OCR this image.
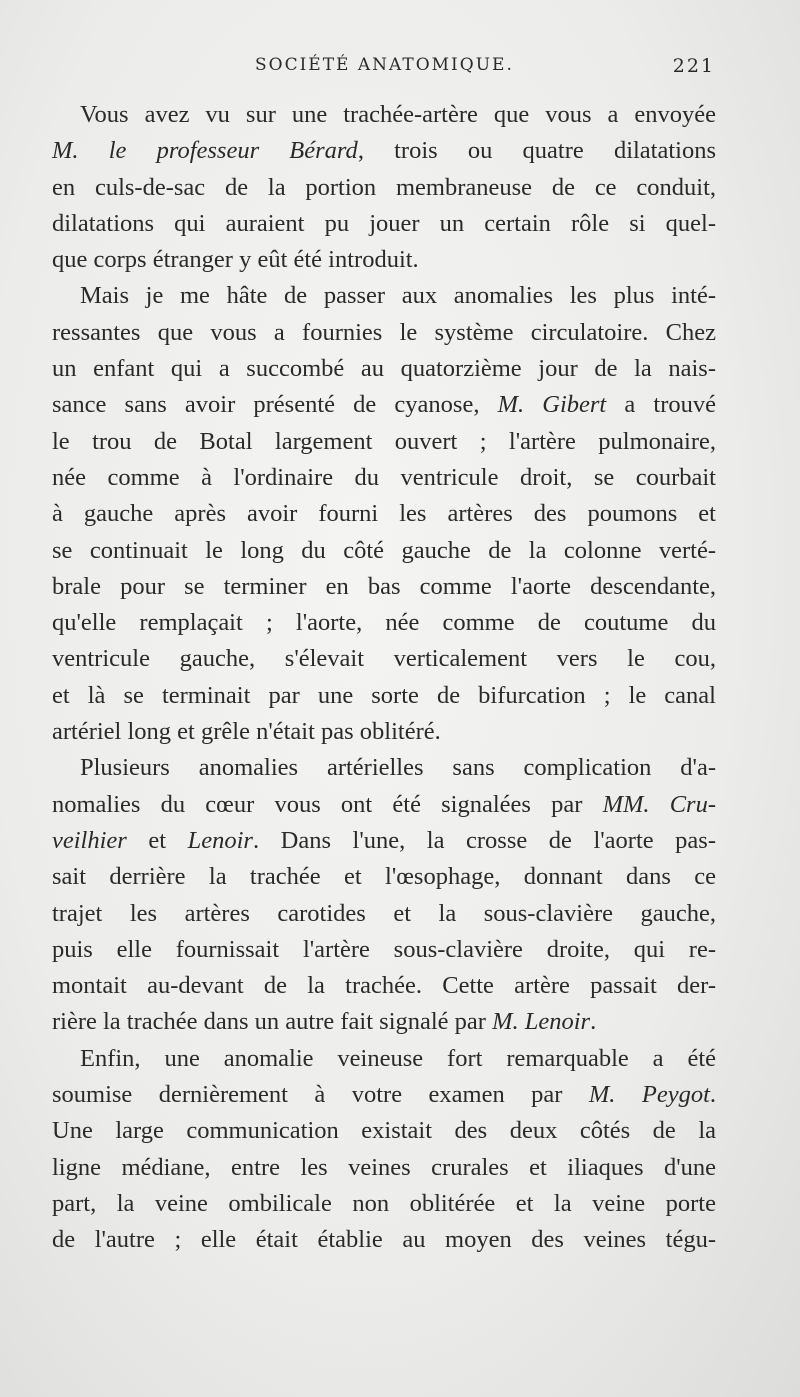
SOCIÉTÉ ANATOMIQUE.	221
Vous avez vu sur une trachée-artère que vous a envoyée
M. le professeur Bérard, trois ou quatre dilatations
en culs-de-sac de la portion membraneuse de ce conduit,
dilatations qui auraient pu jouer un certain rôle si quel-
que corps étranger y eût été introduit.
Mais je me hâte de passer aux anomalies les plus inté-
ressantes que vous a fournies le système circulatoire. Chez
un enfant qui a succombé au quatorzième jour de la nais-
sance sans avoir présenté de cyanose, M. Gibert a trouvé
le trou de Botal largement ouvert ; l'artère pulmonaire,
née comme à l'ordinaire du ventricule droit, se courbait
à gauche après avoir fourni les artères des poumons et
se continuait le long du côté gauche de la colonne verté-
brale pour se terminer en bas comme l'aorte descendante,
qu'elle remplaçait ; l'aorte, née comme de coutume du
ventricule gauche, s'élevait verticalement vers le cou,
et là se terminait par une sorte de bifurcation ; le canal
artériel long et grêle n'était pas oblitéré.
Plusieurs anomalies artérielles sans complication d'a-
nomalies du cœur vous ont été signalées par MM. Cru-
veilhier et Lenoir. Dans l'une, la crosse de l'aorte pas-
sait derrière la trachée et l'œsophage, donnant dans ce
trajet les artères carotides et la sous-clavière gauche,
puis elle fournissait l'artère sous-clavière droite, qui re-
montait au-devant de la trachée. Cette artère passait der-
rière la trachée dans un autre fait signalé par M. Lenoir.
Enfin, une anomalie veineuse fort remarquable a été
soumise dernièrement à votre examen par M. Peygot.
Une large communication existait des deux côtés de la
ligne médiane, entre les veines crurales et iliaques d'une
part, la veine ombilicale non oblitérée et la veine porte
de l'autre ; elle était établie au moyen des veines tégu-
